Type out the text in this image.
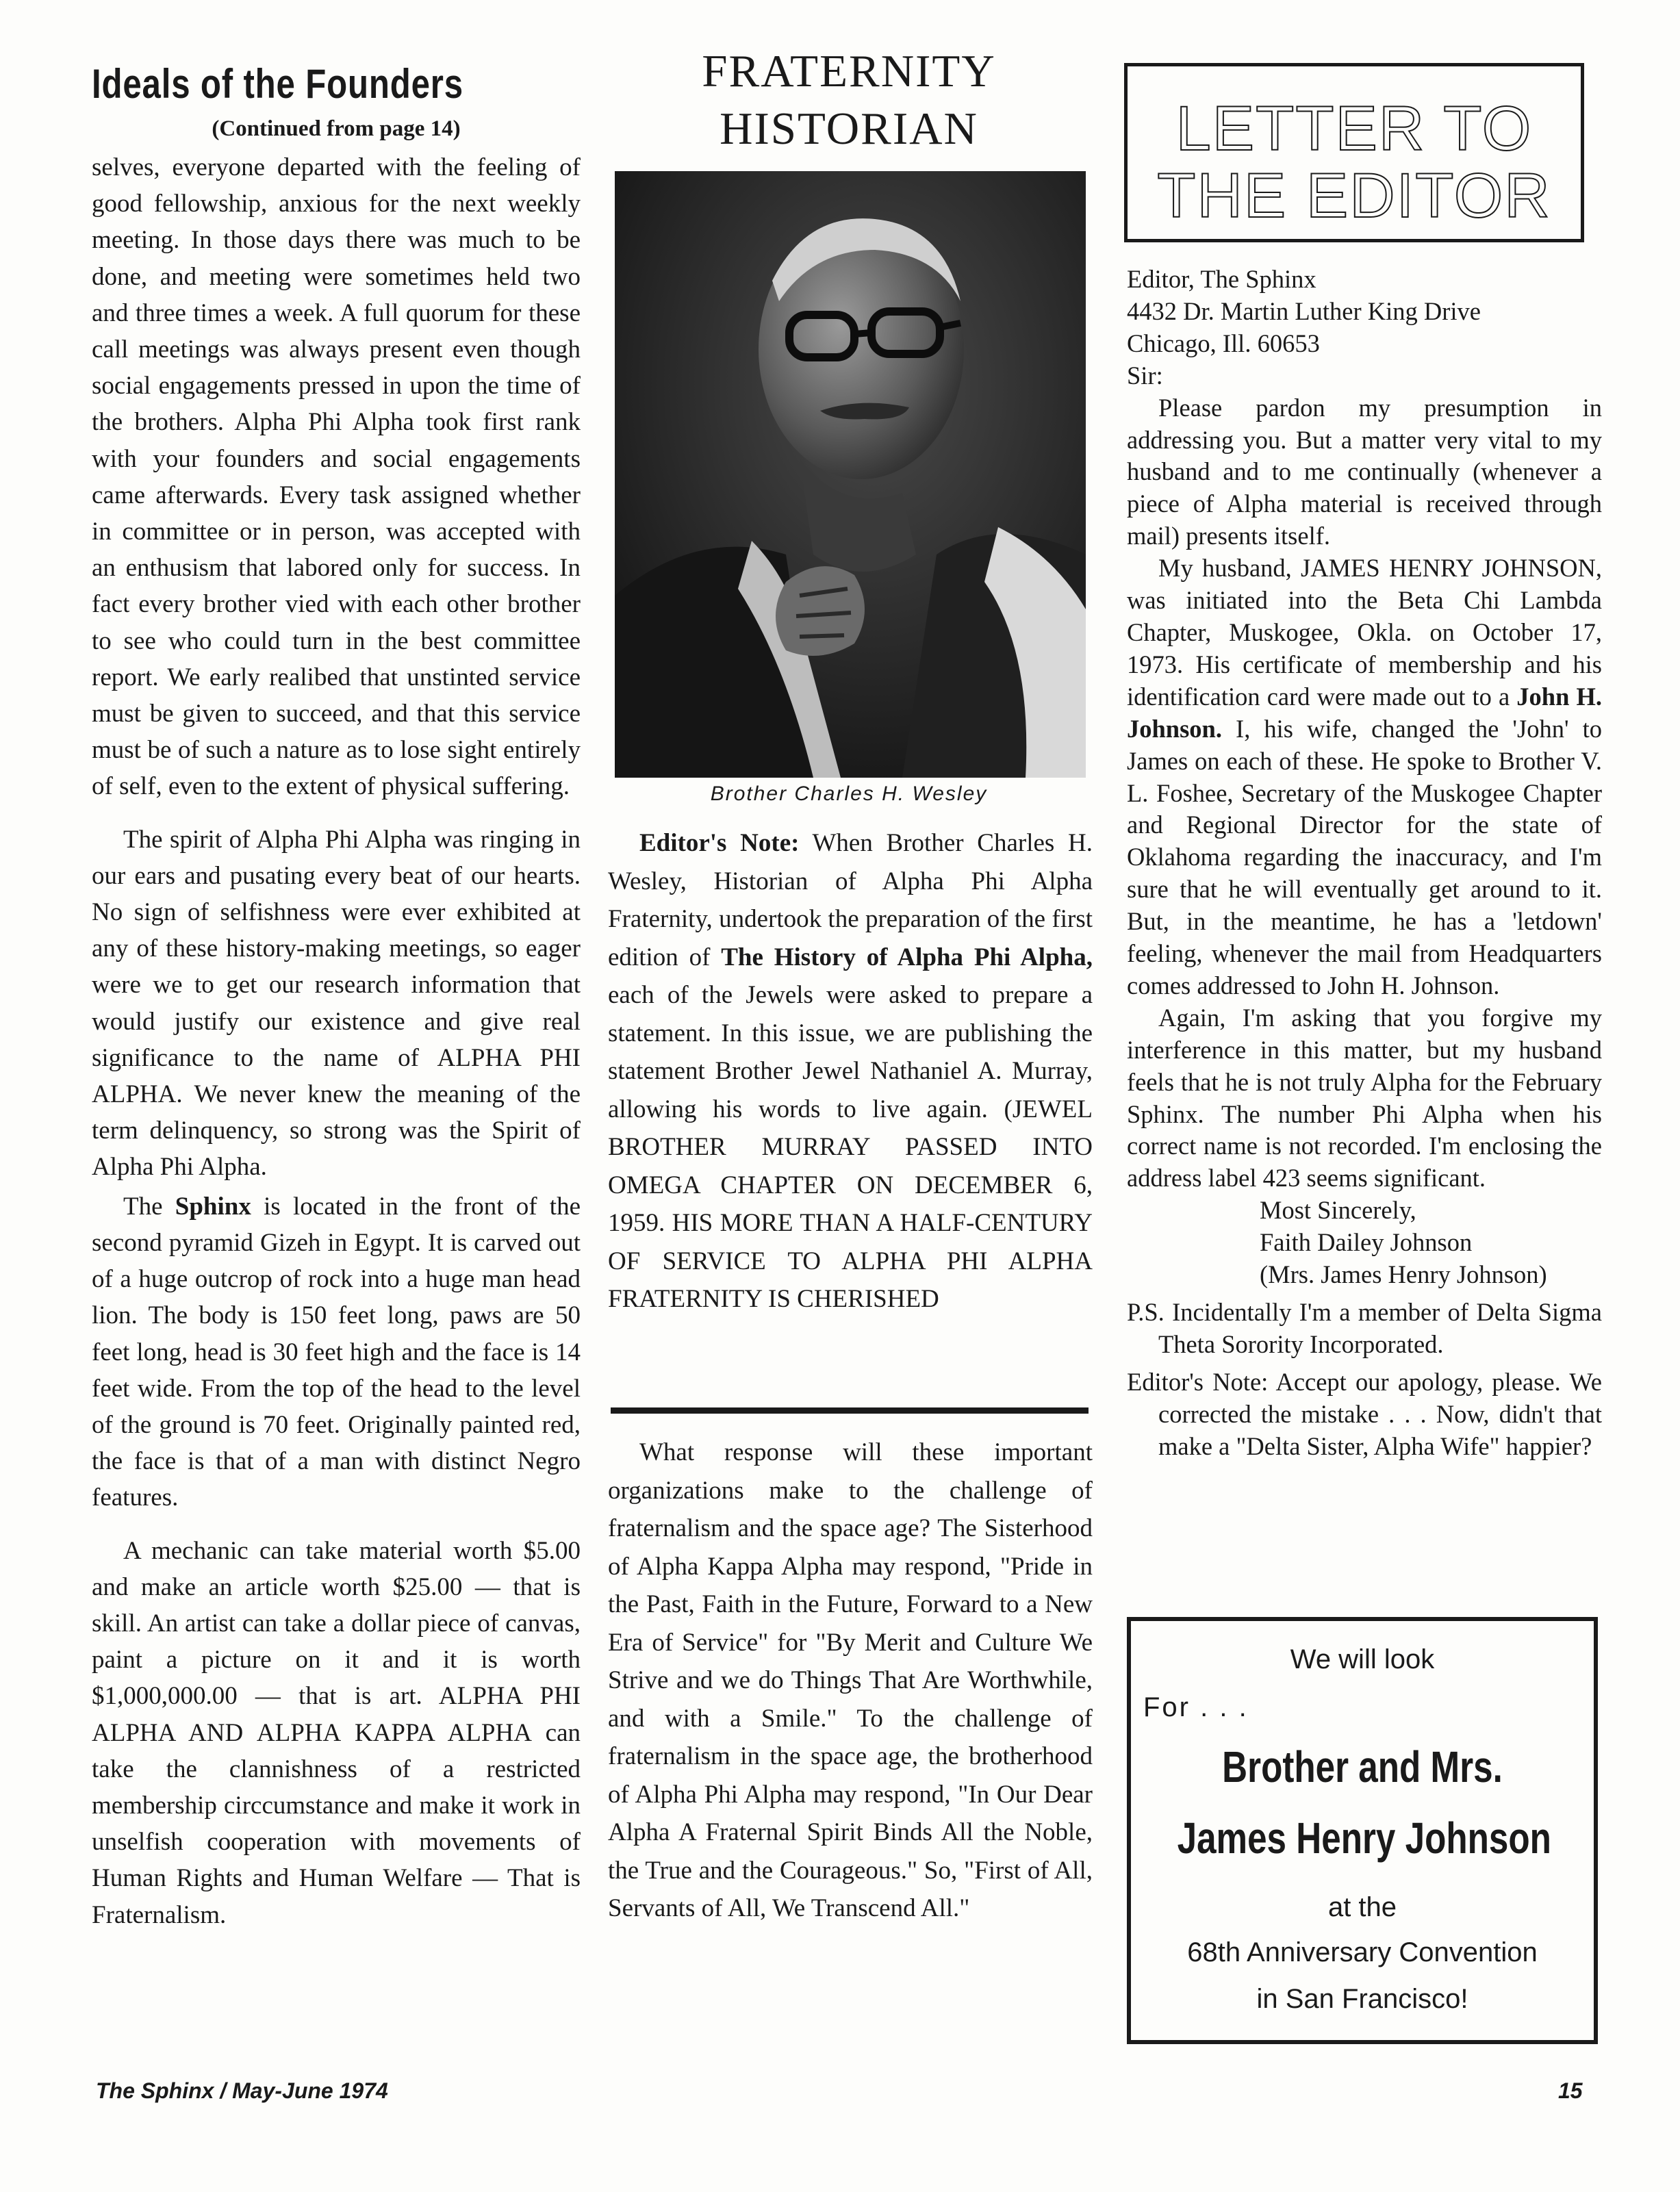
Ideals of the Founders
(Continued from page 14)

selves, everyone departed with the feeling of good fellowship, anxious for the next weekly meeting. In those days there was much to be done, and meeting were sometimes held two and three times a week. A full quorum for these call meetings was always present even though social engagements pressed in upon the time of the brothers. Alpha Phi Alpha took first rank with your founders and social engagements came afterwards. Every task assigned whether in committee or in person, was accepted with an enthusism that labored only for success. In fact every brother vied with each other brother to see who could turn in the best committee report. We early realibed that unstinted service must be given to succeed, and that this service must be of such a nature as to lose sight entirely of self, even to the extent of physical suffering.

The spirit of Alpha Phi Alpha was ringing in our ears and pusating every beat of our hearts. No sign of selfishness were ever exhibited at any of these history-making meetings, so eager were we to get our research information that would justify our existence and give real significance to the name of ALPHA PHI ALPHA. We never knew the meaning of the term delinquency, so strong was the Spirit of Alpha Phi Alpha.

The Sphinx is located in the front of the second pyramid Gizeh in Egypt. It is carved out of a huge outcrop of rock into a huge man head lion. The body is 150 feet long, paws are 50 feet long, head is 30 feet high and the face is 14 feet wide. From the top of the head to the level of the ground is 70 feet. Originally painted red, the face is that of a man with distinct Negro features.

A mechanic can take material worth $5.00 and make an article worth $25.00 — that is skill. An artist can take a dollar piece of canvas, paint a picture on it and it is worth $1,000,000.00 — that is art. ALPHA PHI ALPHA AND ALPHA KAPPA ALPHA can take the clannishness of a restricted membership circcumstance and make it work in unselfish cooperation with movements of Human Rights and Human Welfare — That is Fraternalism.

FRATERNITY
HISTORIAN
Brother Charles H. Wesley

Editor's Note: When Brother Charles H. Wesley, Historian of Alpha Phi Alpha Fraternity, undertook the preparation of the first edition of The History of Alpha Phi Alpha, each of the Jewels were asked to prepare a statement. In this issue, we are publishing the statement Brother Jewel Nathaniel A. Murray, allowing his words to live again. (JEWEL BROTHER MURRAY PASSED INTO OMEGA CHAPTER ON DECEMBER 6, 1959. HIS MORE THAN A HALF-CENTURY OF SERVICE TO ALPHA PHI ALPHA FRATERNITY IS CHERISHED

What response will these important organizations make to the challenge of fraternalism and the space age? The Sisterhood of Alpha Kappa Alpha may respond, "Pride in the Past, Faith in the Future, Forward to a New Era of Service" for "By Merit and Culture We Strive and we do Things That Are Worthwhile, and with a Smile." To the challenge of fraternalism in the space age, the brotherhood of Alpha Phi Alpha may respond, "In Our Dear Alpha A Fraternal Spirit Binds All the Noble, the True and the Courageous." So, "First of All, Servants of All, We Transcend All."

LETTER TO
THE EDITOR

Editor, The Sphinx

4432 Dr. Martin Luther King Drive

Chicago, Ill. 60653

Sir:

Please pardon my presumption in addressing you. But a matter very vital to my husband and to me continually (whenever a piece of Alpha material is received through mail) presents itself.

My husband, JAMES HENRY JOHNSON, was initiated into the Beta Chi Lambda Chapter, Muskogee, Okla. on October 17, 1973. His certificate of membership and his identification card were made out to a John H. Johnson. I, his wife, changed the 'John' to James on each of these. He spoke to Brother V. L. Foshee, Secretary of the Muskogee Chapter and Regional Director for the state of Oklahoma regarding the inaccuracy, and I'm sure that he will eventually get around to it. But, in the meantime, he has a 'letdown' feeling, whenever the mail from Headquarters comes addressed to John H. Johnson.

Again, I'm asking that you forgive my interference in this matter, but my husband feels that he is not truly Alpha for the February Sphinx. The number Phi Alpha when his correct name is not recorded. I'm enclosing the address label 423 seems significant.

Most Sincerely,

Faith Dailey Johnson

(Mrs. James Henry Johnson)

P.S. Incidentally I'm a member of Delta Sigma Theta Sorority Incorporated.

Editor's Note: Accept our apology, please. We corrected the mistake . . . Now, didn't that make a "Delta Sister, Alpha Wife" happier?

We will look
For . . .
Brother and Mrs.
James Henry Johnson
at the
68th Anniversary Convention
in San Francisco!
The Sphinx / May-June 1974	15
